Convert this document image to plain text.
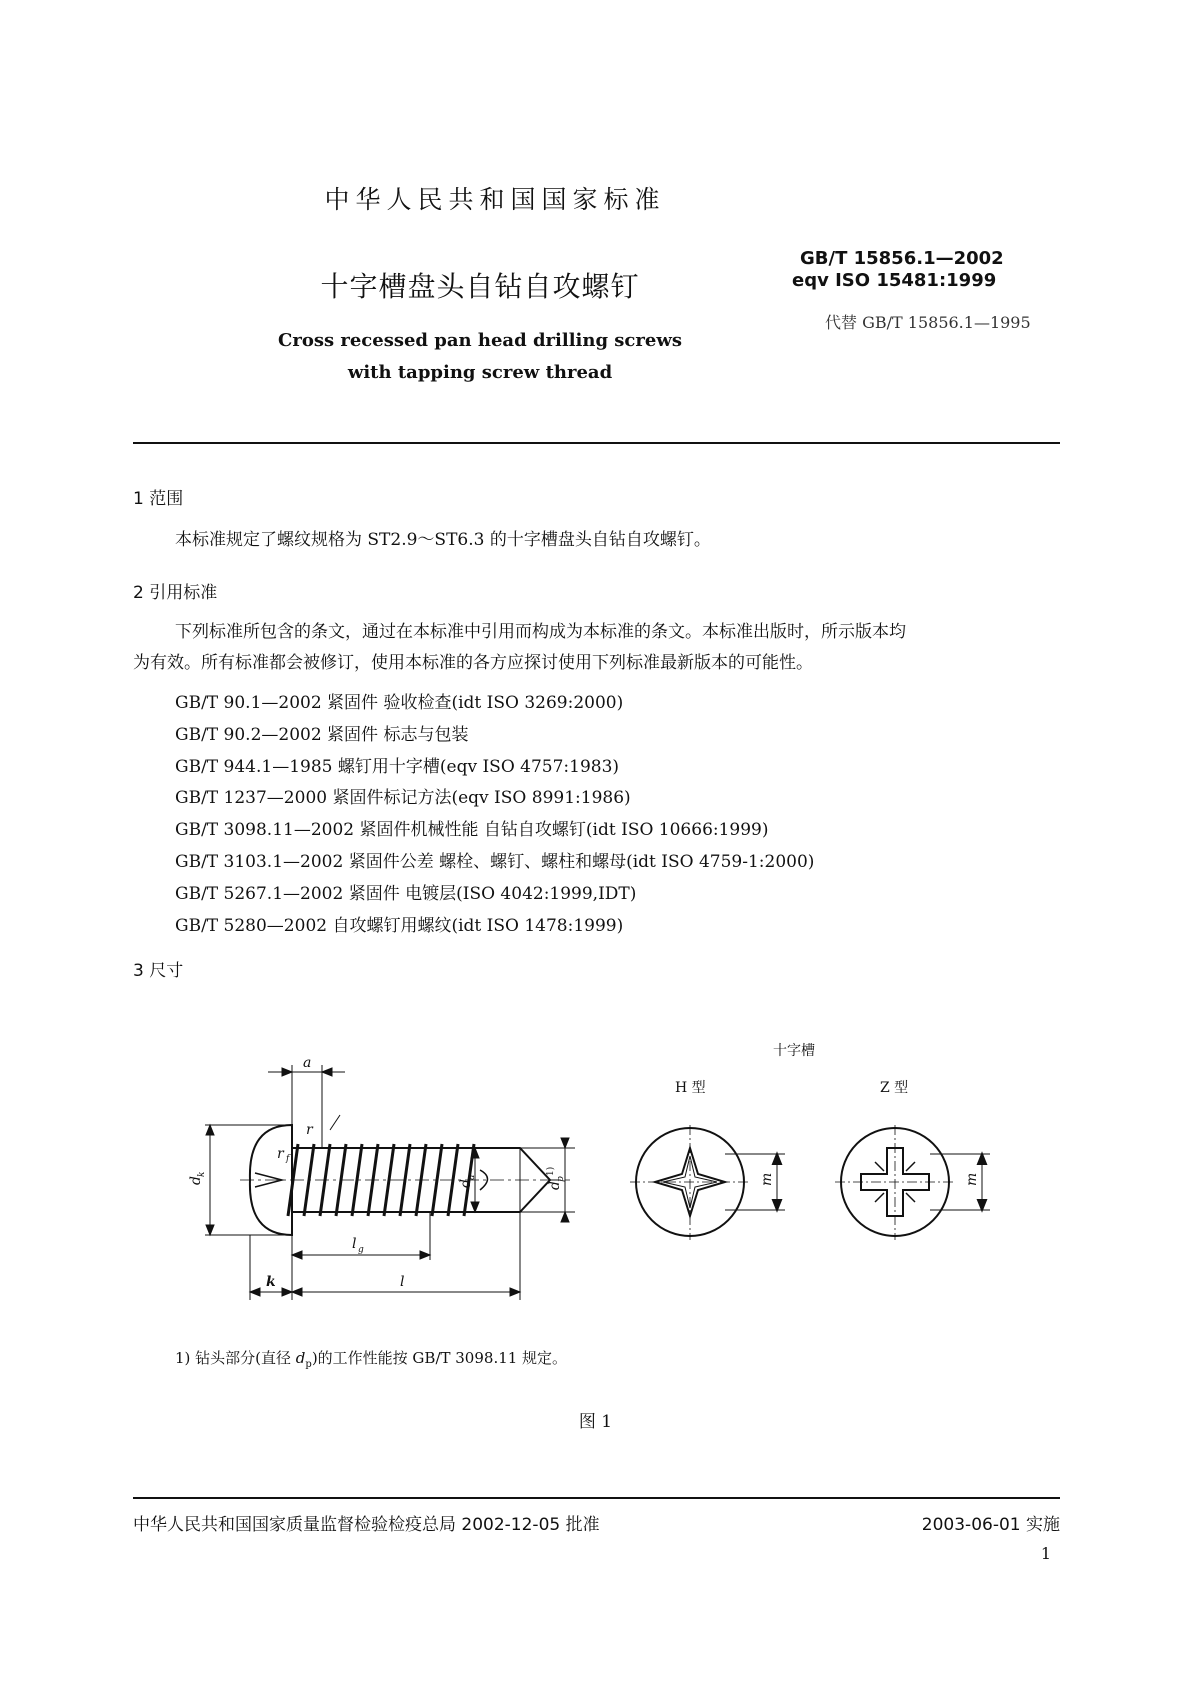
中华人民共和国国家标准
GB/T 15856.1—2002
eqv ISO 15481:1999
代替 GB/T 15856.1—1995
十字槽盘头自钻自攻螺钉
Cross recessed pan head drilling screws
with tapping screw thread
1 范围
本标准规定了螺纹规格为 ST2.9～ST6.3 的十字槽盘头自钻自攻螺钉。
2 引用标准
下列标准所包含的条文，通过在本标准中引用而构成为本标准的条文。本标准出版时，所示版本均
为有效。所有标准都会被修订，使用本标准的各方应探讨使用下列标准最新版本的可能性。
GB/T 90.1—2002 紧固件 验收检查(idt ISO 3269:2000)
GB/T 90.2—2002 紧固件 标志与包装
GB/T 944.1—1985 螺钉用十字槽(eqv ISO 4757:1983)
GB/T 1237—2000 紧固件标记方法(eqv ISO 8991:1986)
GB/T 3098.11—2002 紧固件机械性能 自钻自攻螺钉(idt ISO 10666:1999)
GB/T 3103.1—2002 紧固件公差 螺栓、螺钉、螺柱和螺母(idt ISO 4759-1:2000)
GB/T 5267.1—2002 紧固件 电镀层(ISO 4042:1999,IDT)
GB/T 5280—2002 自攻螺钉用螺纹(idt ISO 1478:1999)
3 尺寸
十字槽
H 型	Z 型
a
r
r f
d
k
d
a
d
p
1)
l g
k	l
m	m
1) 钻头部分(直径 $d_p$)的工作性能按 GB/T 3098.11 规定。
图 1
中华人民共和国国家质量监督检验检疫总局 2002-12-05 批准	2003-06-01 实施
1
